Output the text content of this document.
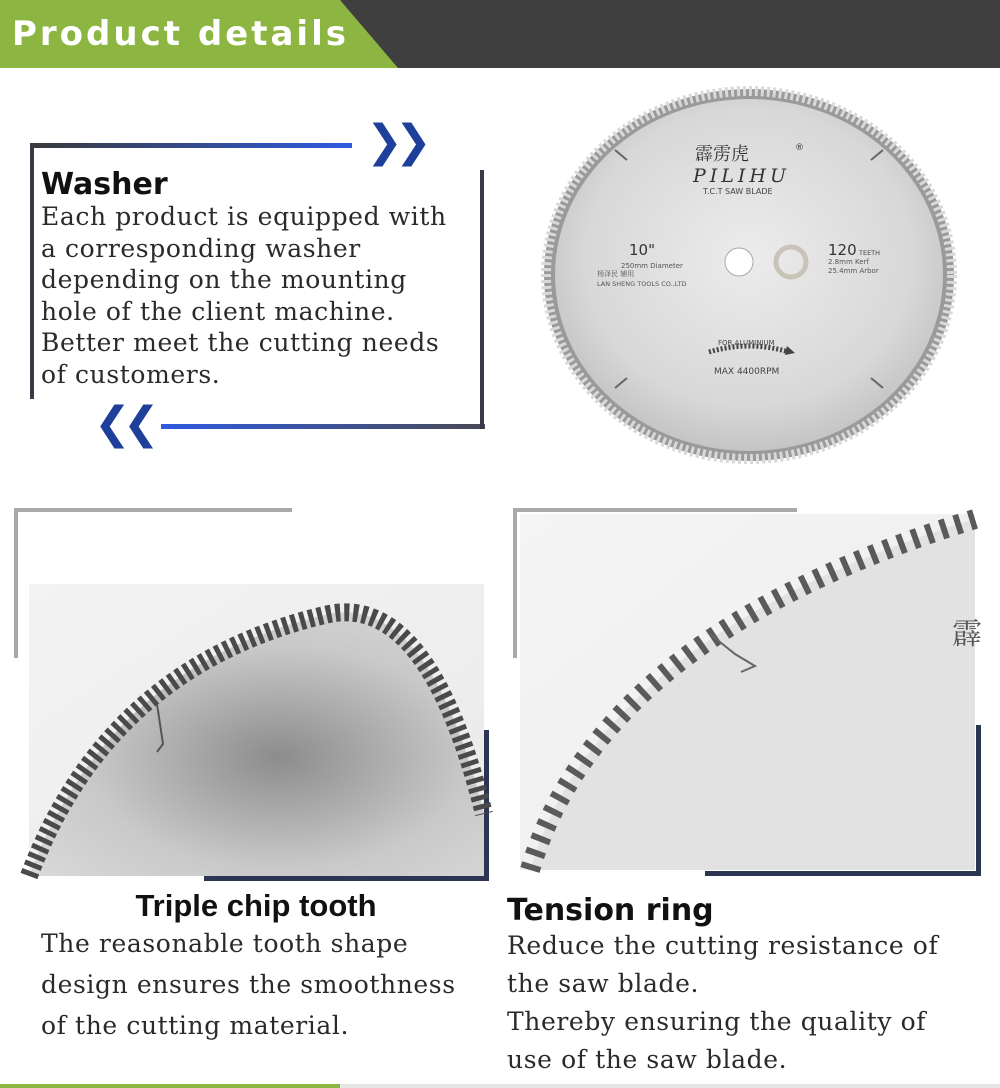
Product details
❯❯
❮❮
Washer
Each product is equipped with
a corresponding washer
depending on the mounting
hole of the client machine.
Better meet the cutting needs
of customers.
霹雳虎	®
PILIHU
T.C.T SAW BLADE
10"
250mm Diameter
杨泽民 辅用
LAN SHENG TOOLS CO.,LTD
120 TEETH
2.8mm Kerf
25.4mm Arbor
FOR ALUMINIUM
MAX 4400RPM
Triple chip tooth
The reasonable tooth shape
design ensures the smoothness
of the cutting material.
霹
Tension ring
Reduce the cutting resistance of
the saw blade.
Thereby ensuring the quality of
use of the saw blade.
